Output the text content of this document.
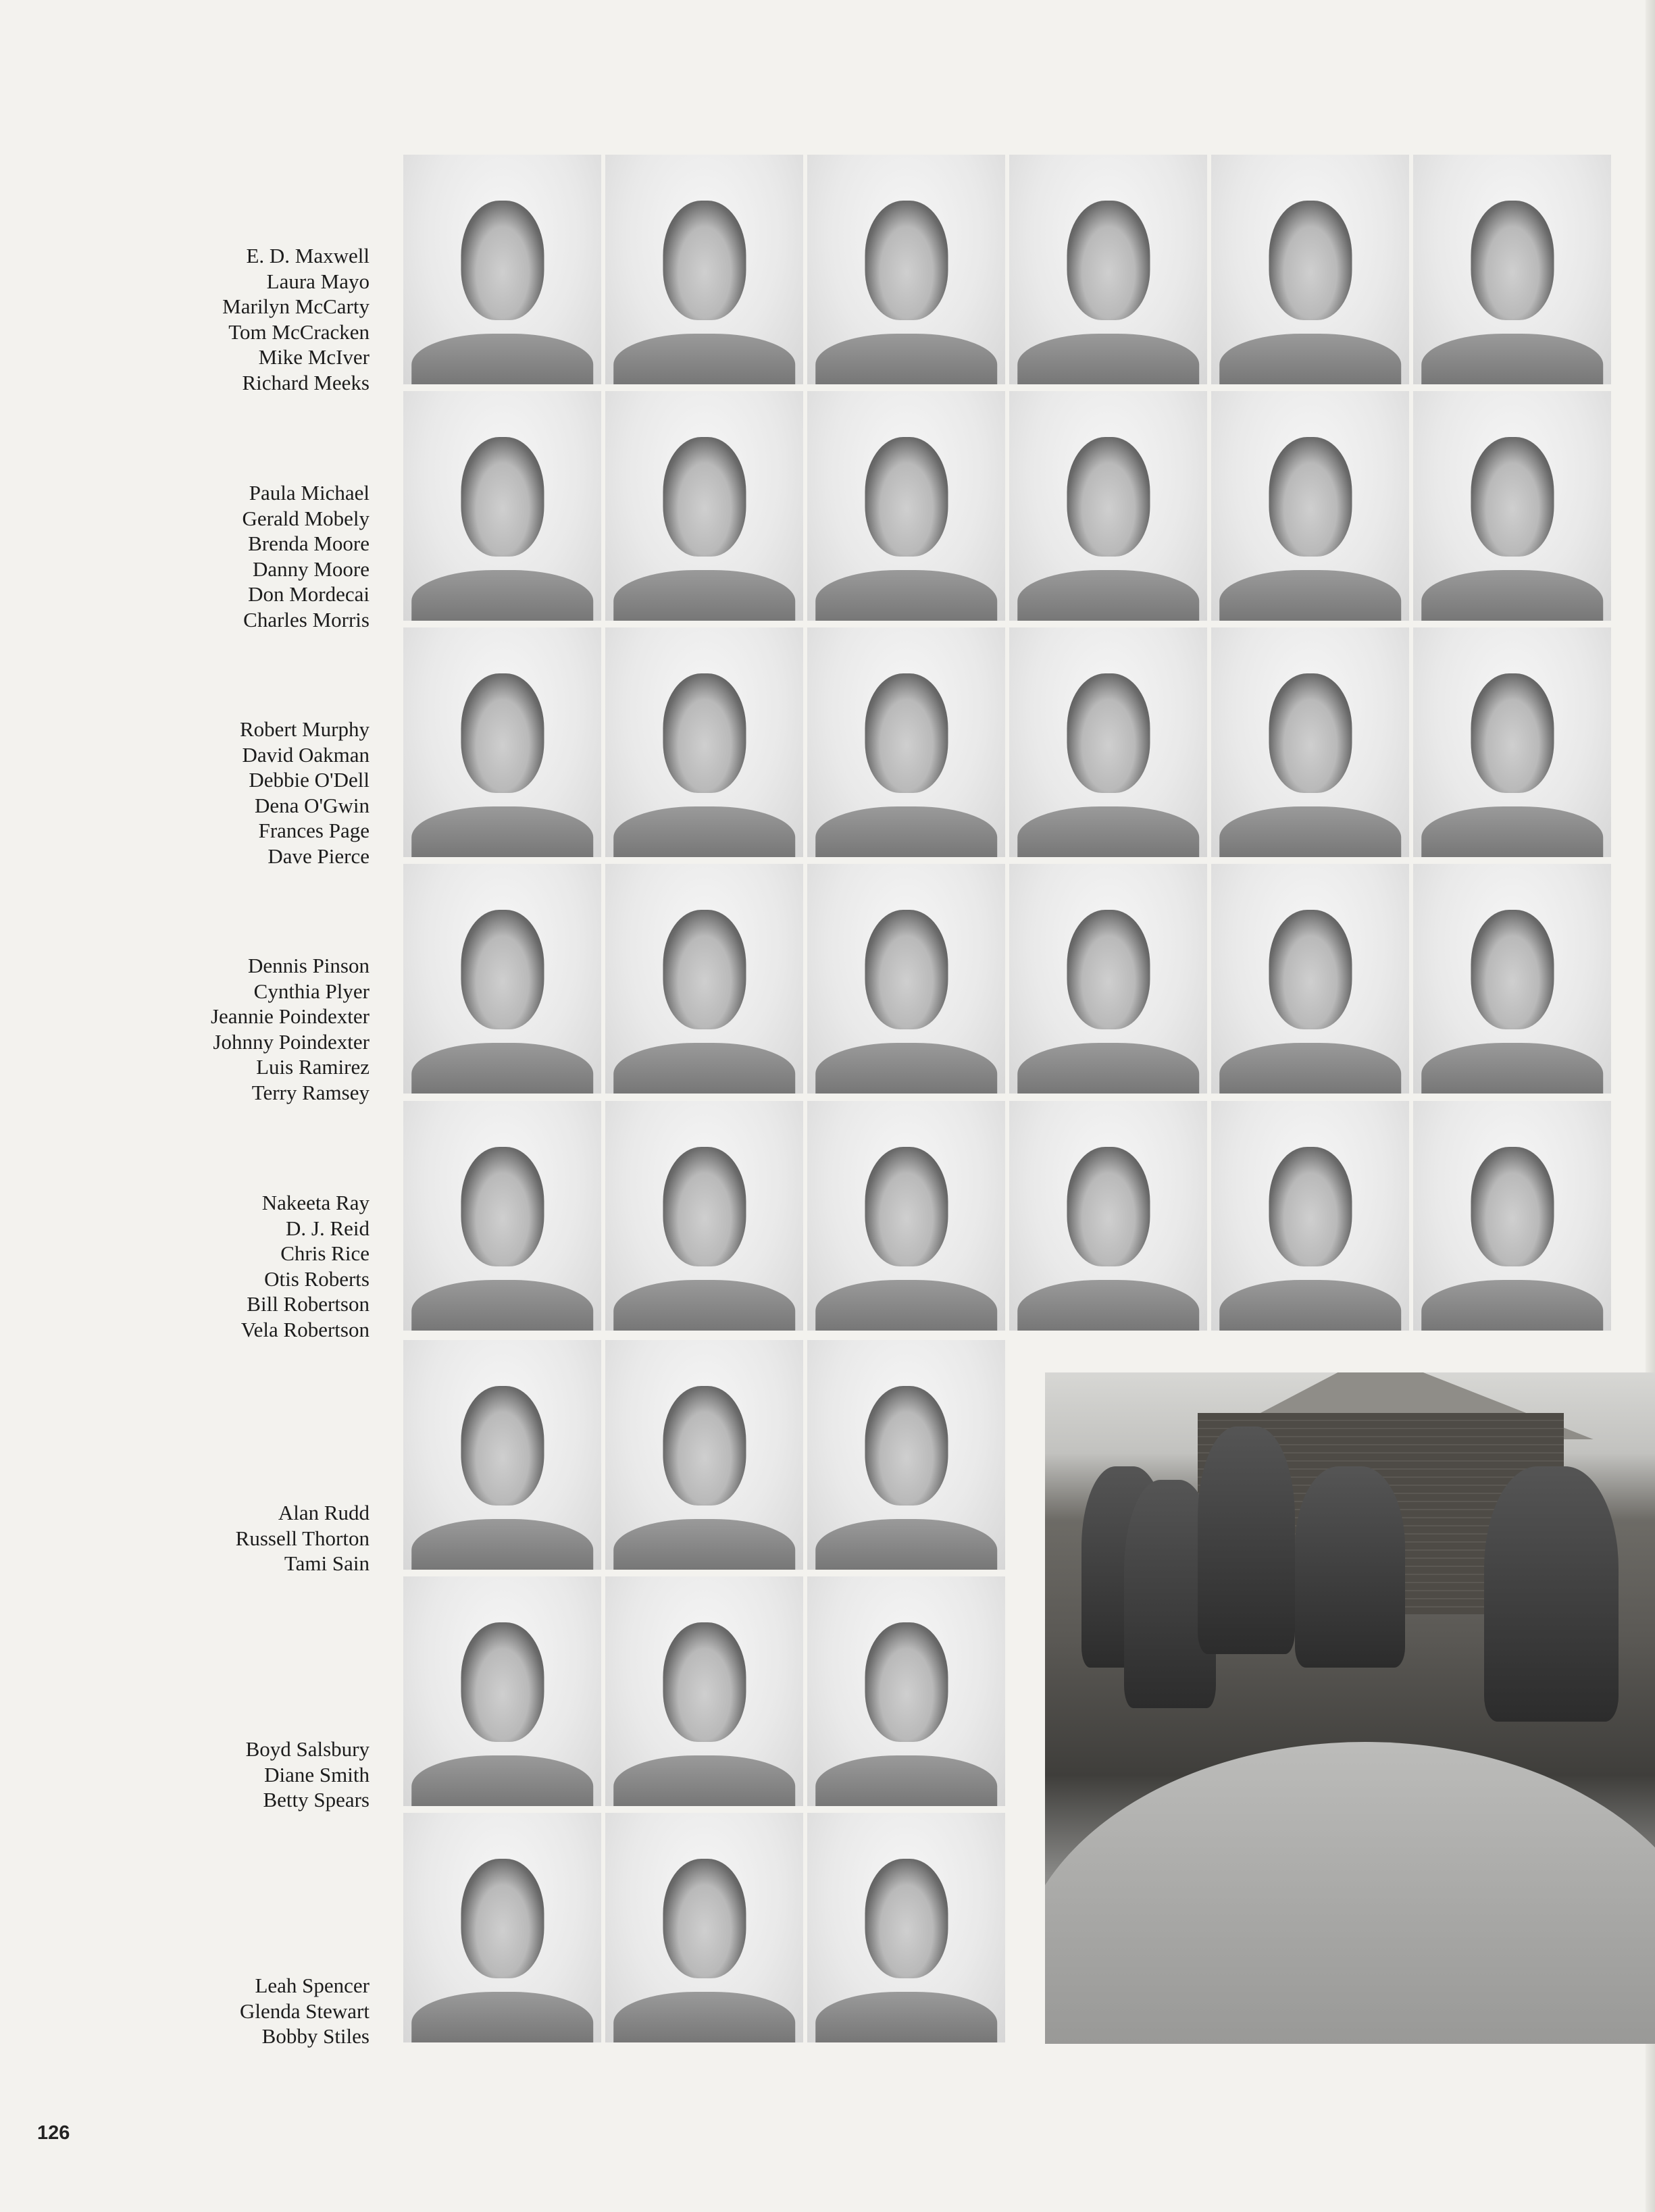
E. D. Maxwell
Laura Mayo
Marilyn McCarty
Tom McCracken
Mike McIver
Richard Meeks
Paula Michael
Gerald Mobely
Brenda Moore
Danny Moore
Don Mordecai
Charles Morris
Robert Murphy
David Oakman
Debbie O'Dell
Dena O'Gwin
Frances Page
Dave Pierce
Dennis Pinson
Cynthia Plyer
Jeannie Poindexter
Johnny Poindexter
Luis Ramirez
Terry Ramsey
Nakeeta Ray
D. J. Reid
Chris Rice
Otis Roberts
Bill Robertson
Vela Robertson
Alan Rudd
Russell Thorton
Tami Sain
Boyd Salsbury
Diane Smith
Betty Spears
Leah Spencer
Glenda Stewart
Bobby Stiles
126
